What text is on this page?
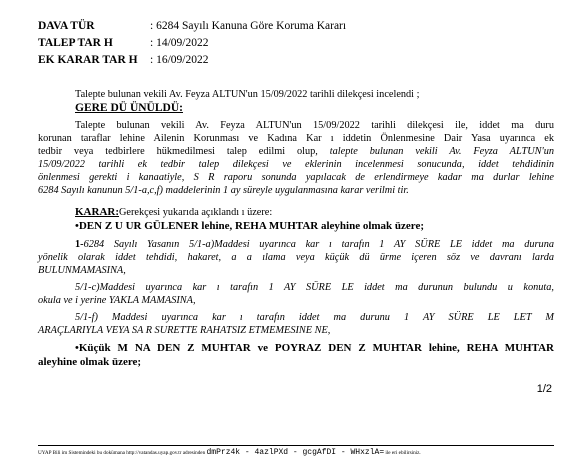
DAVA TÜR	: 6284 Sayılı Kanuna Göre Koruma Kararı
TALEP TAR H	: 14/09/2022
EK KARAR TAR H : 16/09/2022
Talepte bulunan vekili Av. Feyza ALTUN'un 15/09/2022 tarihli dilekçesi incelendi ;
GERE DÜ ÜNÜLDÜ:
Talepte bulunan vekili Av. Feyza ALTUN'un 15/09/2022 tarihli dilekçesi ile, iddet ma duru
korunan taraflar lehine Ailenin Korunması ve Kadına Kar ı iddetin Önlenmesine Dair Yasa uyarınca ek
tedbir veya tedbirlere hükmedilmesi talep edilmi olup, talepte bulunan vekili Av. Feyza ALTUN'un
15/09/2022 tarihli ek tedbir talep dilekçesi ve eklerinin incelenmesi sonucunda, iddet tehdidinin
önlenmesi gerekti i kanaatiyle, S R raporu sonunda yapılacak de erlendirmeye kadar ma durlar lehine
6284 Sayılı kanunun 5/1-a,c,f) maddelerinin 1 ay süreyle uygulanmasına karar verilmi tir.
KARAR:Gerekçesi yukarıda açıklandı ı üzere:
•DEN Z U UR GÜLENER lehine, REHA MUHTAR aleyhine olmak üzere;
1-6284 Sayılı Yasanın 5/1-a)Maddesi uyarınca kar ı tarafın 1 AY SÜRE LE iddet ma duruna
yönelik olarak iddet tehdidi, hakaret, a a ılama veya küçük dü ürme içeren söz ve davranı larda
BULUNMAMASINA,
5/1-c)Maddesi uyarınca kar ı tarafın 1 AY SÜRE LE iddet ma durunun bulundu u konuta,
okula ve i yerine YAKLA MAMASINA,
5/1-f) Maddesi uyarınca kar ı tarafın iddet ma durunu 1 AY SÜRE LE LET M
ARAÇLARIYLA VEYA SA R SURETTE RAHATSIZ ETMEMESINE NE,
•Küçük M NA DEN Z MUHTAR ve POYRAZ DEN Z MUHTAR lehine, REHA MUHTAR
aleyhine olmak üzere;
1/2
UYAP Bili im Sistemindeki bu dokümana http://vatandas.uyap.gov.tr adresinden dmPrz4k - 4azlPXd - gcgAfDI - WHxzlA= ile eri ebilirsiniz.
